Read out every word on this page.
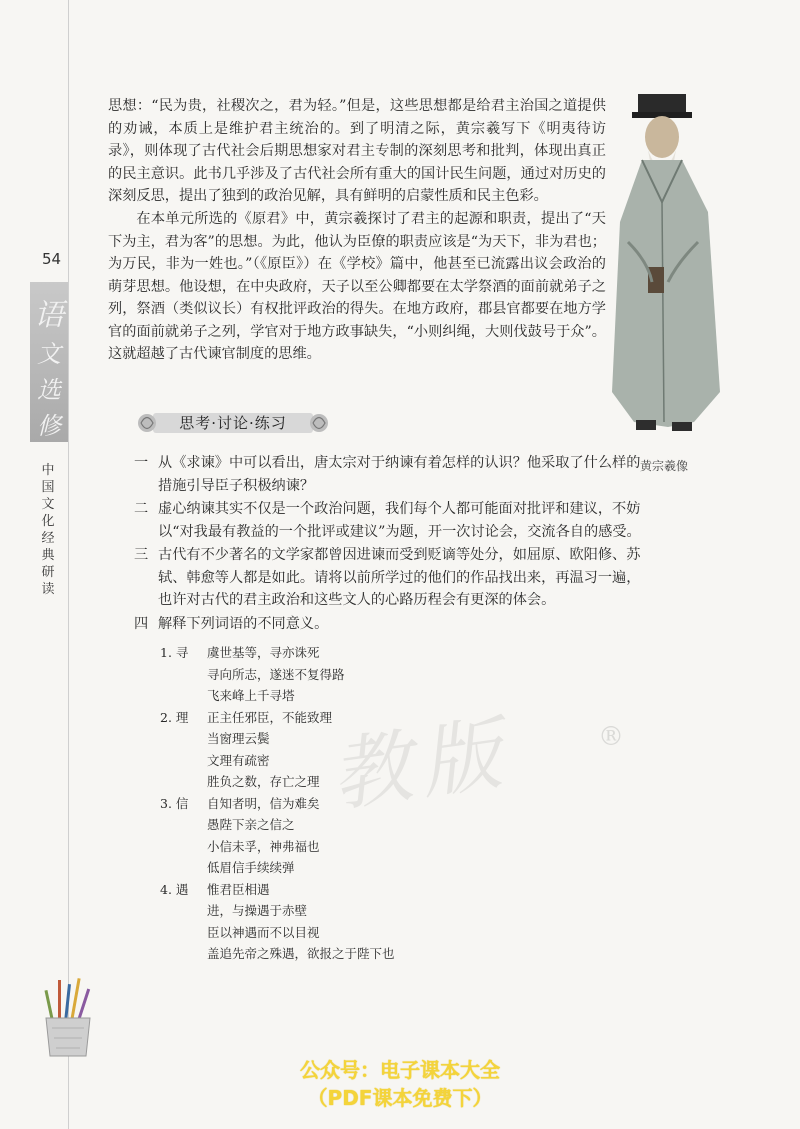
54
语
文
选
修
中
国
文
化
经
典
研
读

思想：“民为贵，社稷次之，君为轻。”但是，这些思想都是给君主治国之道提供的劝诫，本质上是维护君主统治的。到了明清之际，黄宗羲写下《明夷待访录》，则体现了古代社会后期思想家对君主专制的深刻思考和批判，体现出真正的民主意识。此书几乎涉及了古代社会所有重大的国计民生问题，通过对历史的深刻反思，提出了独到的政治见解，具有鲜明的启蒙性质和民主色彩。

在本单元所选的《原君》中，黄宗羲探讨了君主的起源和职责，提出了“天下为主，君为客”的思想。为此，他认为臣僚的职责应该是“为天下，非为君也；为万民，非为一姓也。”（《原臣》）在《学校》篇中，他甚至已流露出议会政治的萌芽思想。他设想，在中央政府，天子以至公卿都要在太学祭酒的面前就弟子之列，祭酒（类似议长）有权批评政治的得失。在地方政府，郡县官都要在地方学官的面前就弟子之列，学官对于地方政事缺失，“小则纠绳，大则伐鼓号于众”。这就超越了古代谏官制度的思维。

黄宗羲像
思考·讨论·练习
一 从《求谏》中可以看出，唐太宗对于纳谏有着怎样的认识？他采取了什么样的措施引导臣子积极纳谏？
二 虚心纳谏其实不仅是一个政治问题，我们每个人都可能面对批评和建议，不妨以“对我最有教益的一个批评或建议”为题，开一次讨论会，交流各自的感受。
三 古代有不少著名的文学家都曾因进谏而受到贬谪等处分，如屈原、欧阳修、苏轼、韩愈等人都是如此。请将以前所学过的他们的作品找出来，再温习一遍，也许对古代的君主政治和这些文人的心路历程会有更深的体会。
四 解释下列词语的不同意义。
1. 寻	虞世基等，寻亦诛死
寻向所志，遂迷不复得路
飞来峰上千寻塔
2. 理	正主任邪臣，不能致理
当窗理云鬓
文理有疏密
胜负之数，存亡之理
3. 信	自知者明，信为难矣
愚陛下亲之信之
小信未孚，神弗福也
低眉信手续续弹
4. 遇	惟君臣相遇
进，与操遇于赤壁
臣以神遇而不以目视
盖追先帝之殊遇，欲报之于陛下也
教版	®
公众号：电子课本大全
（PDF课本免费下）
